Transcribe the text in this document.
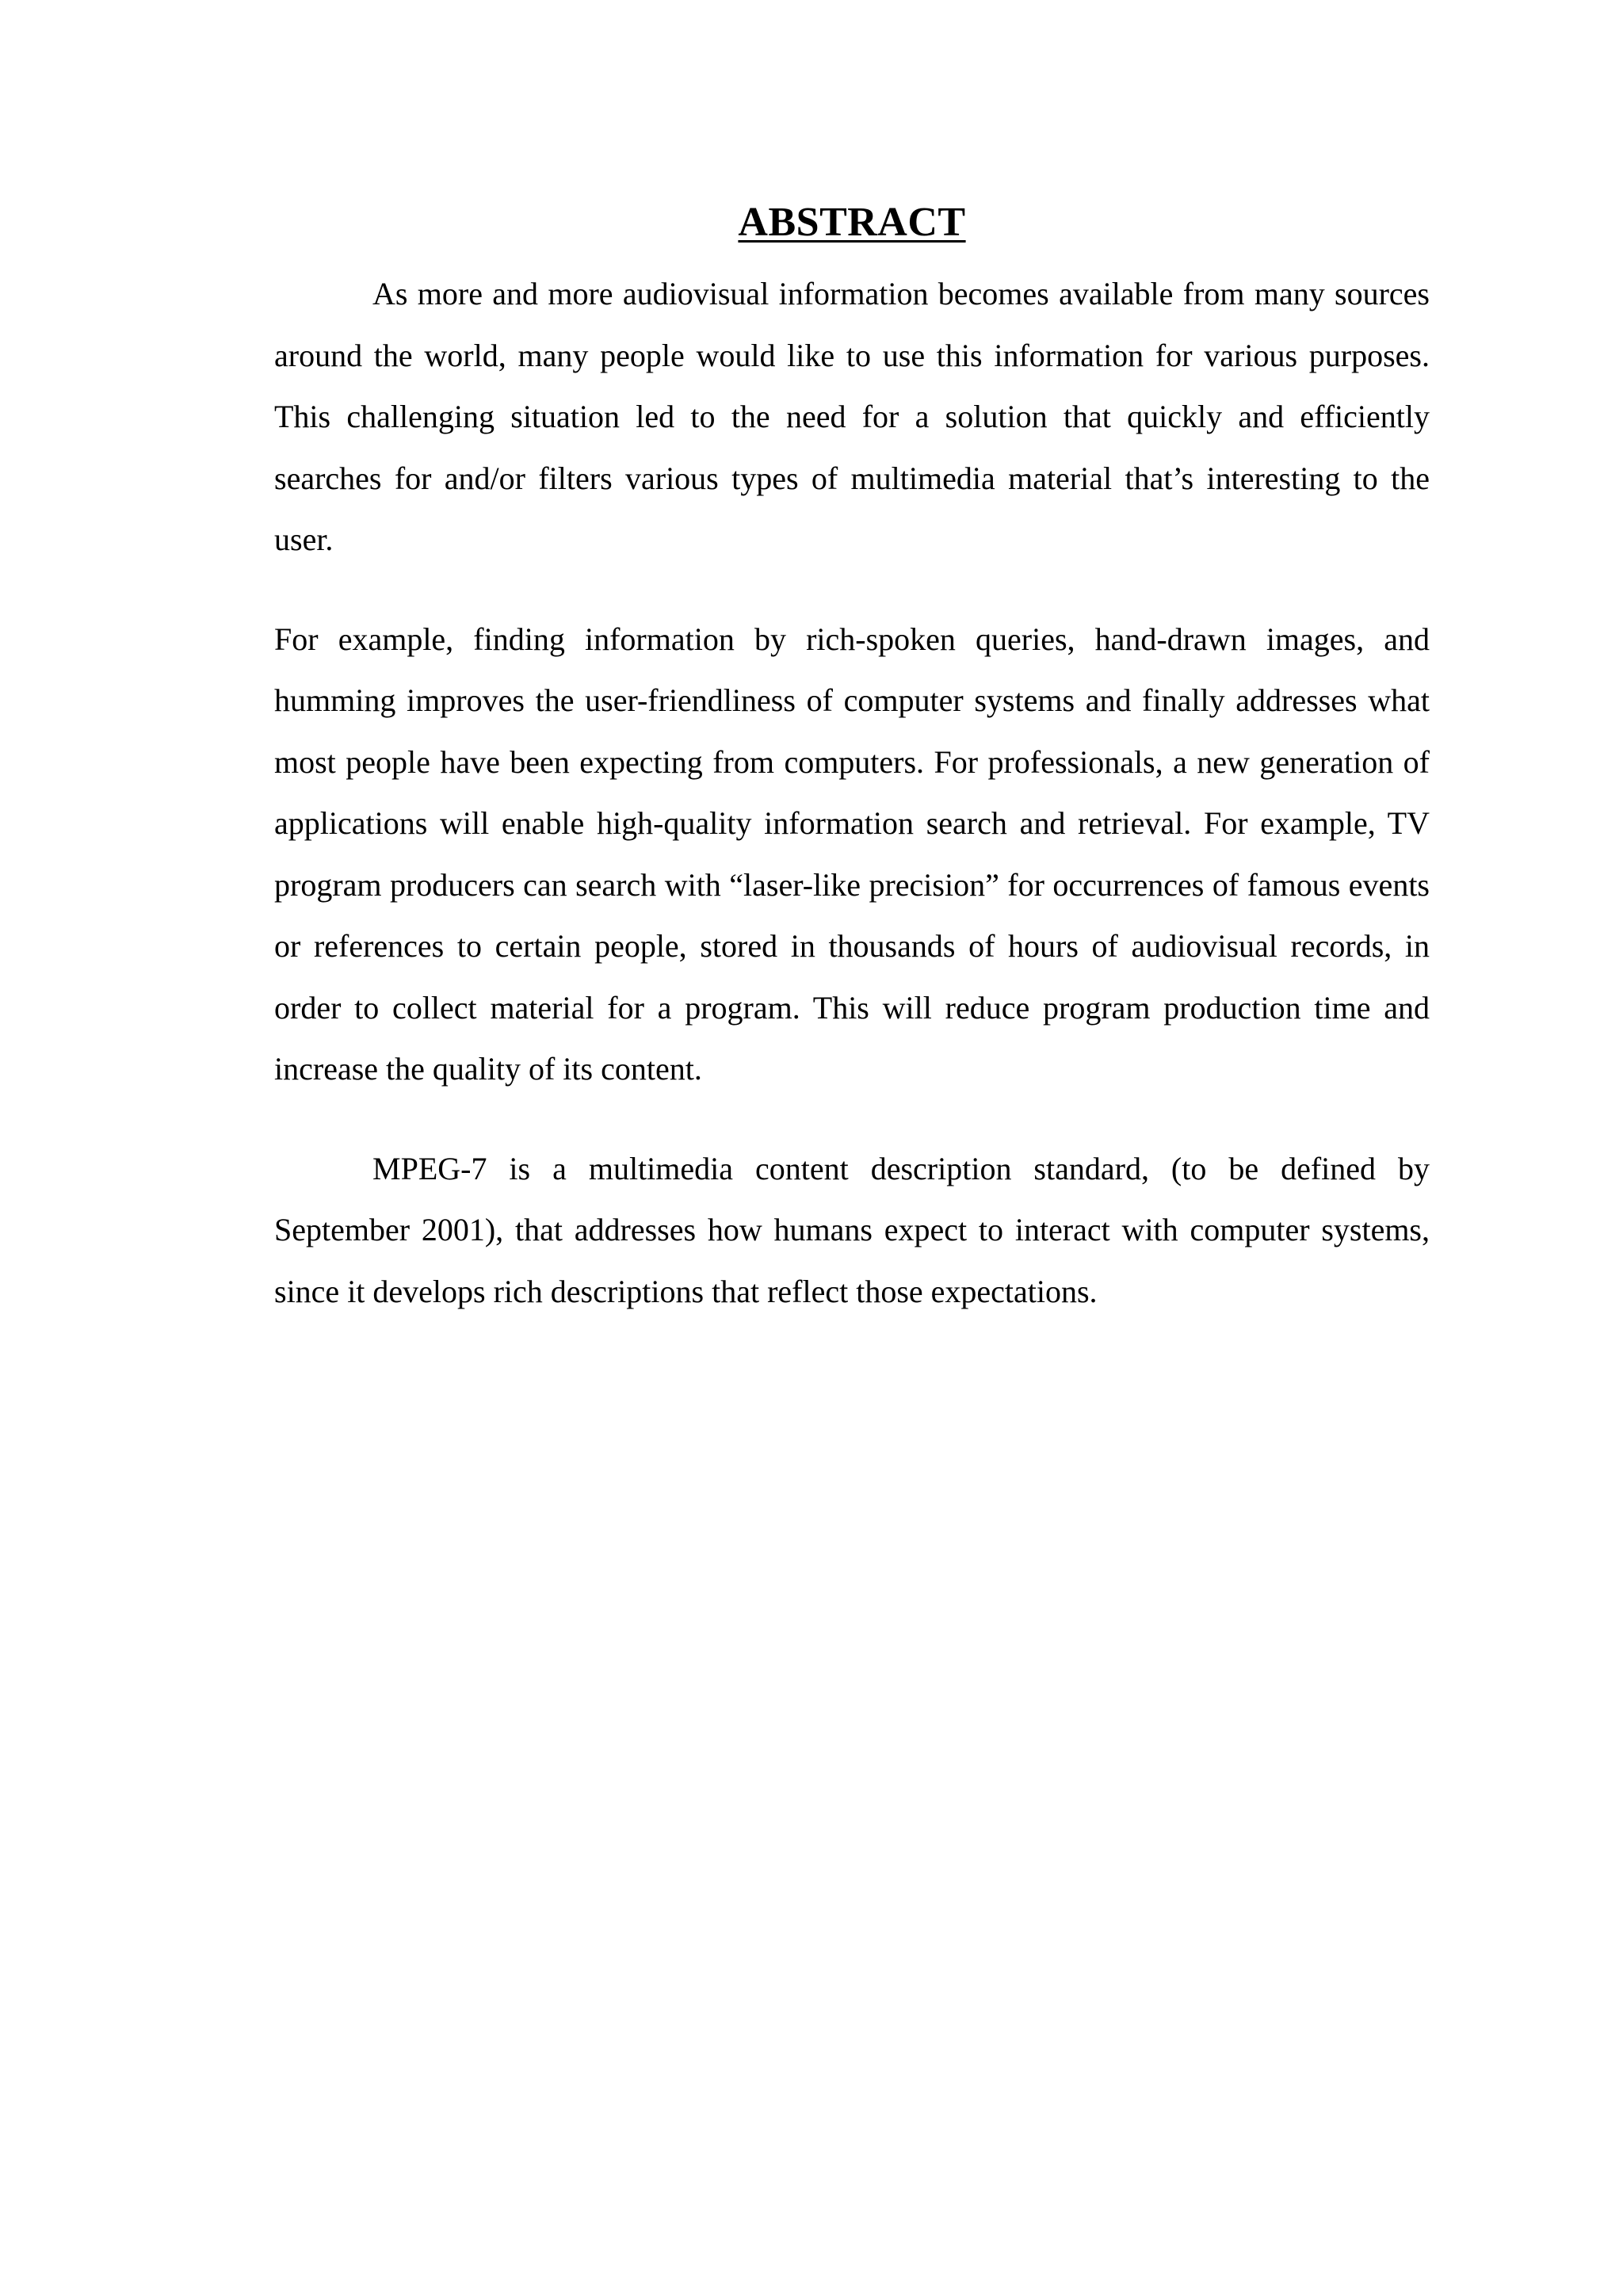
ABSTRACT

As more and more audiovisual information becomes available from many sources around the world, many people would like to use this information for various purposes. This challenging situation led to the need for a solution that quickly and efficiently searches for and/or filters various types of multimedia material that’s interesting to the user.

For example, finding information by rich-spoken queries, hand-drawn images, and humming improves the user-friendliness of computer systems and finally addresses what most people have been expecting from computers. For professionals, a new generation of applications will enable high-quality information search and retrieval. For example, TV program producers can search with “laser-like precision” for occurrences of famous events or references to certain people, stored in thousands of hours of audiovisual records, in order to collect material for a program. This will reduce program production time and increase the quality of its content.

MPEG-7 is a multimedia content description standard, (to be defined by September 2001), that addresses how humans expect to interact with computer systems, since it develops rich descriptions that reflect those expectations.
